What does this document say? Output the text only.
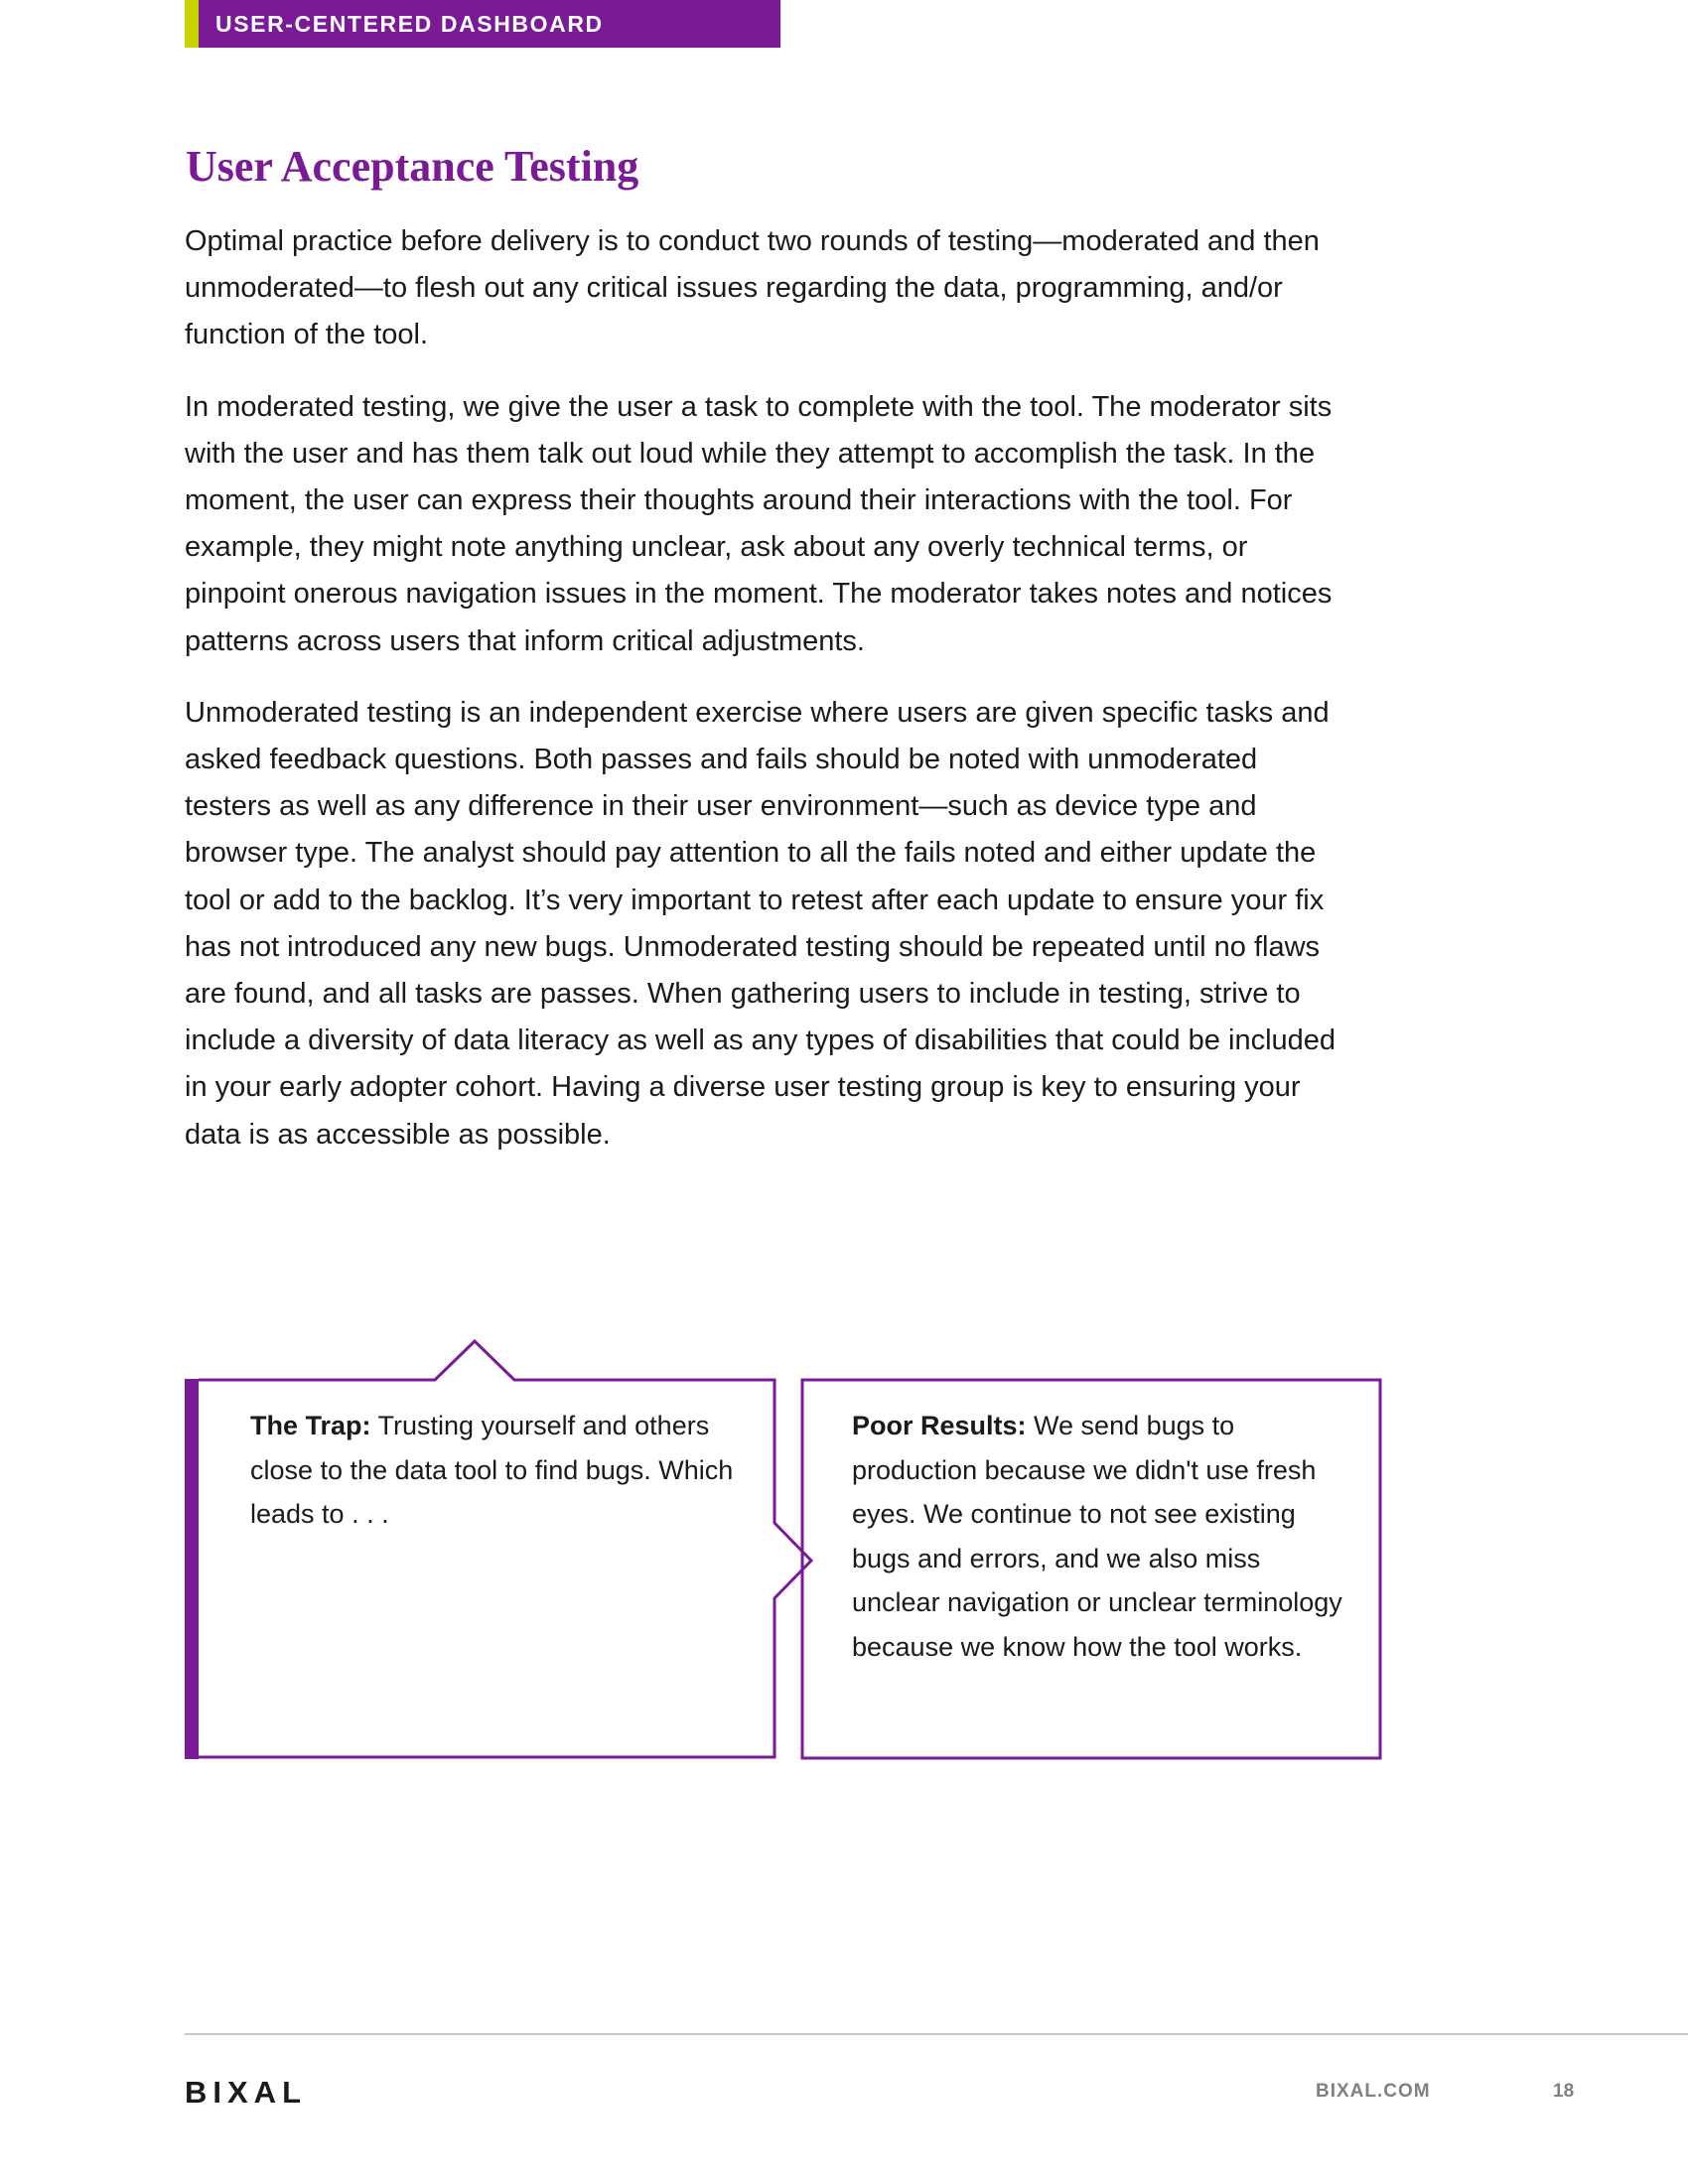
USER-CENTERED DASHBOARD DEVELOPMENT
User Acceptance Testing

Optimal practice before delivery is to conduct two rounds of testing—moderated and then unmoderated—to flesh out any critical issues regarding the data, programming, and/or function of the tool.

In moderated testing, we give the user a task to complete with the tool. The moderator sits with the user and has them talk out loud while they attempt to accomplish the task. In the moment, the user can express their thoughts around their interactions with the tool. For example, they might note anything unclear, ask about any overly technical terms, or pinpoint onerous navigation issues in the moment. The moderator takes notes and notices patterns across users that inform critical adjustments.

Unmoderated testing is an independent exercise where users are given specific tasks and asked feedback questions. Both passes and fails should be noted with unmoderated testers as well as any difference in their user environment—such as device type and browser type. The analyst should pay attention to all the fails noted and either update the tool or add to the backlog. It’s very important to retest after each update to ensure your fix has not introduced any new bugs. Unmoderated testing should be repeated until no flaws are found, and all tasks are passes. When gathering users to include in testing, strive to include a diversity of data literacy as well as any types of disabilities that could be included in your early adopter cohort. Having a diverse user testing group is key to ensuring your data is as accessible as possible.

The Trap: Trusting yourself and others close to the data tool to find bugs. Which leads to . . .
Poor Results: We send bugs to production because we didn't use fresh eyes. We continue to not see existing bugs and errors, and we also miss unclear navigation or unclear terminology because we know how the tool works.
BIXAL	BIXAL.COM	18
